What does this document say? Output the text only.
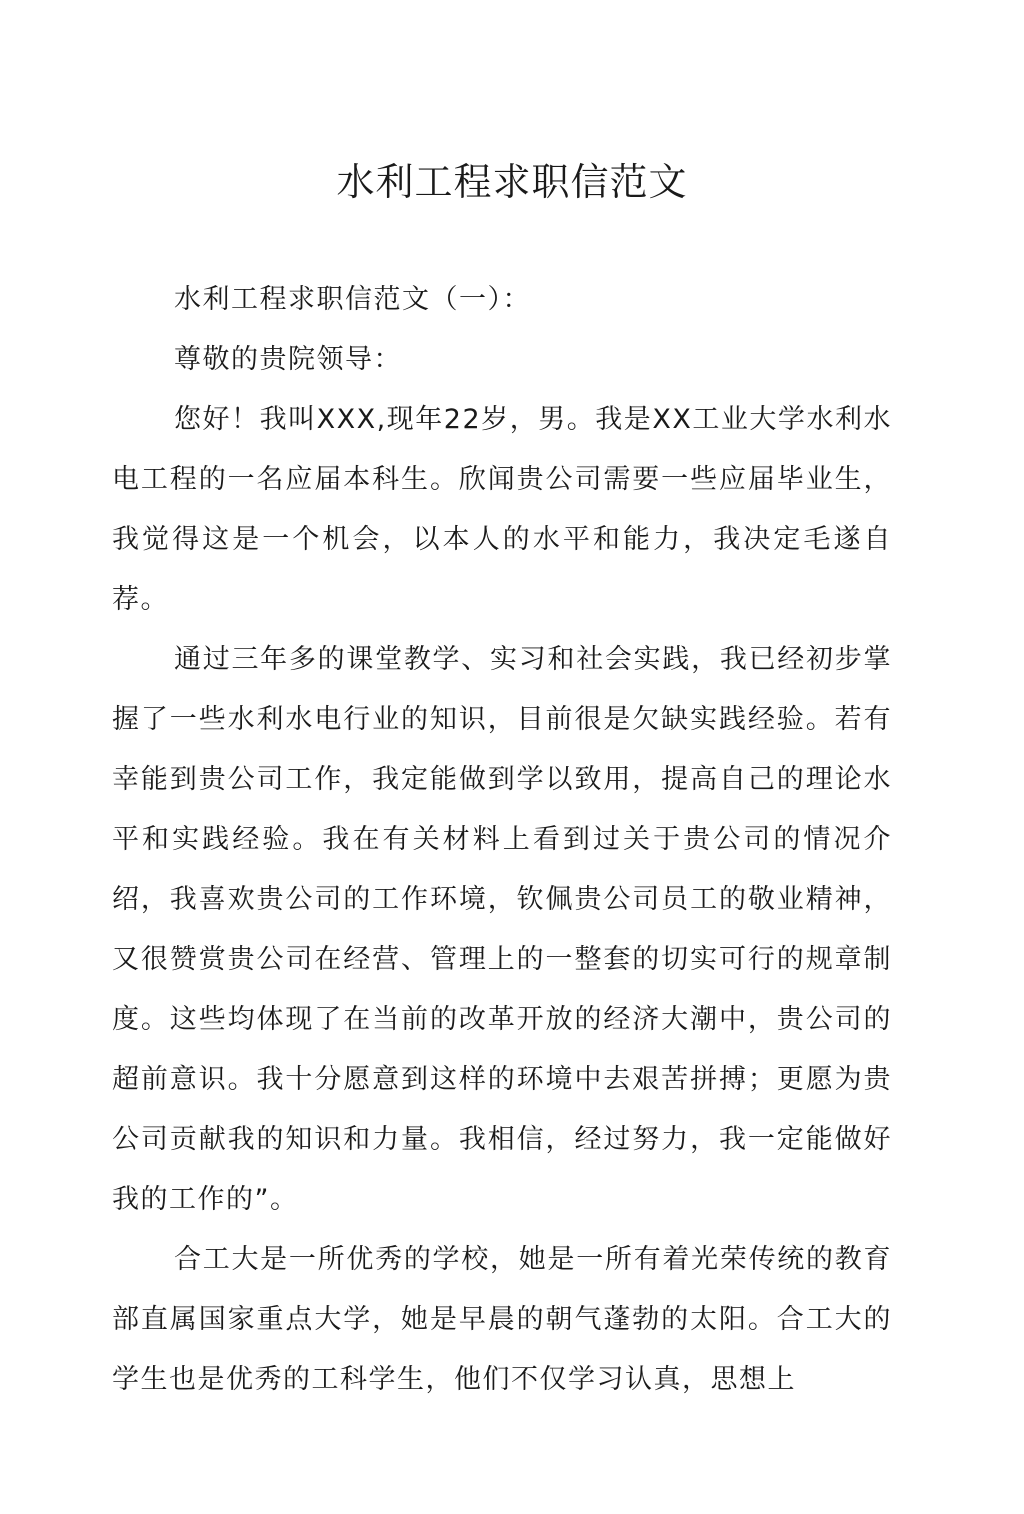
水利工程求职信范文

水利工程求职信范文（一）：

尊敬的贵院领导：

您好！我叫XXX,现年22岁，男。我是XX工业大学水利水电工程的一名应届本科生。欣闻贵公司需要一些应届毕业生，我觉得这是一个机会，以本人的水平和能力，我决定毛遂自荐。

通过三年多的课堂教学、实习和社会实践，我已经初步掌握了一些水利水电行业的知识，目前很是欠缺实践经验。若有幸能到贵公司工作，我定能做到学以致用，提高自己的理论水平和实践经验。我在有关材料上看到过关于贵公司的情况介绍，我喜欢贵公司的工作环境，钦佩贵公司员工的敬业精神，又很赞赏贵公司在经营、管理上的一整套的切实可行的规章制度。这些均体现了在当前的改革开放的经济大潮中，贵公司的超前意识。我十分愿意到这样的环境中去艰苦拼搏；更愿为贵公司贡献我的知识和力量。我相信，经过努力，我一定能做好我的工作的”。

合工大是一所优秀的学校，她是一所有着光荣传统的教育部直属国家重点大学，她是早晨的朝气蓬勃的太阳。合工大的学生也是优秀的工科学生，他们不仅学习认真，思想上
